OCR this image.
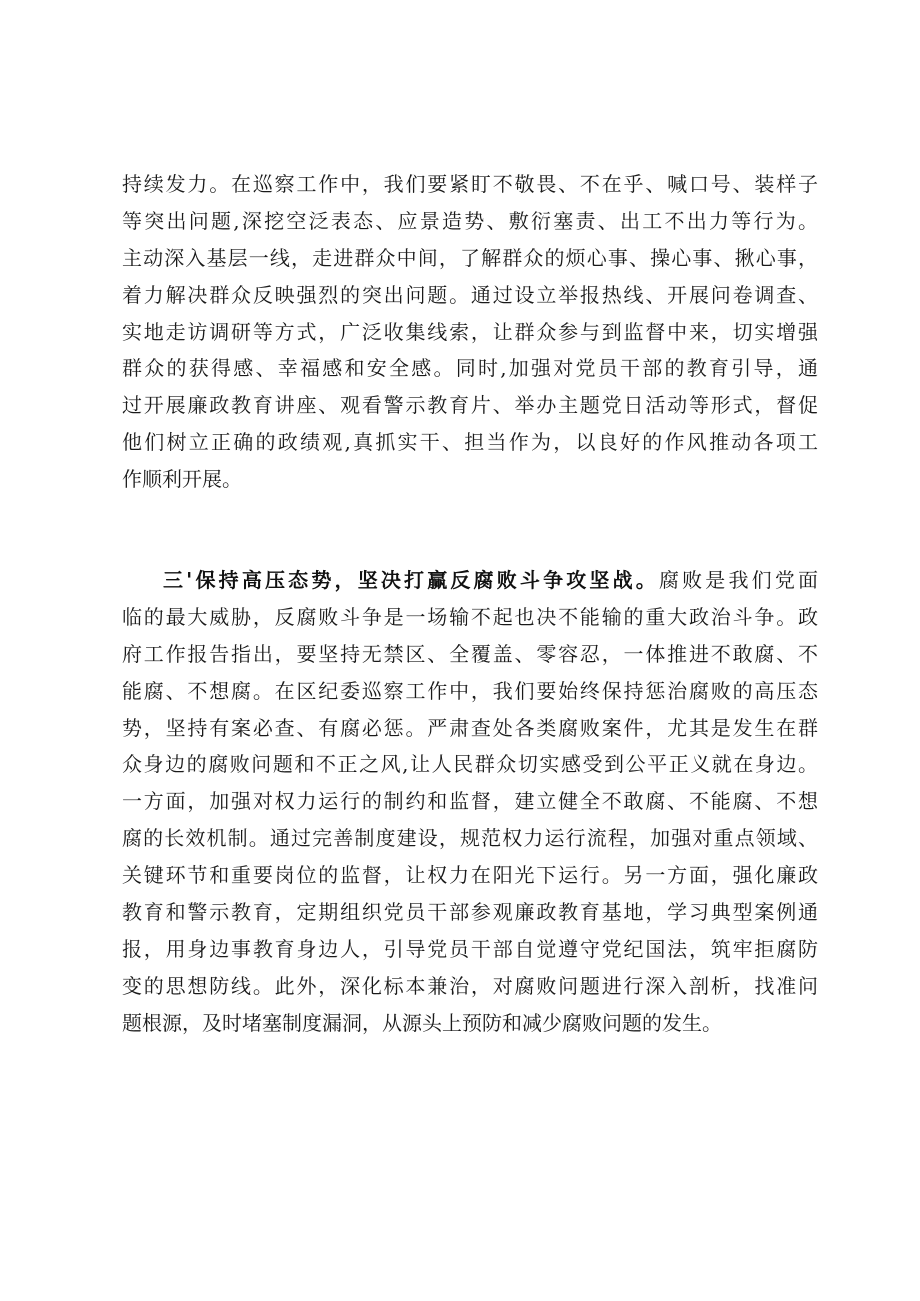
持续发力。在巡察工作中，我们要紧盯不敬畏、不在乎、喊口号、装样子
等突出问题,深挖空泛表态、应景造势、敷衍塞责、出工不出力等行为。
主动深入基层一线，走进群众中间，了解群众的烦心事、操心事、揪心事，
着力解决群众反映强烈的突出问题。通过设立举报热线、开展问卷调查、
实地走访调研等方式，广泛收集线索，让群众参与到监督中来，切实增强
群众的获得感、幸福感和安全感。同时,加强对党员干部的教育引导，通
过开展廉政教育讲座、观看警示教育片、举办主题党日活动等形式，督促
他们树立正确的政绩观,真抓实干、担当作为，以良好的作风推动各项工
作顺利开展。
三'保持高压态势，坚决打赢反腐败斗争攻坚战。腐败是我们党面
临的最大威胁，反腐败斗争是一场输不起也决不能输的重大政治斗争。政
府工作报告指出，要坚持无禁区、全覆盖、零容忍，一体推进不敢腐、不
能腐、不想腐。在区纪委巡察工作中，我们要始终保持惩治腐败的高压态
势，坚持有案必查、有腐必惩。严肃查处各类腐败案件，尤其是发生在群
众身边的腐败问题和不正之风,让人民群众切实感受到公平正义就在身边。
一方面，加强对权力运行的制约和监督，建立健全不敢腐、不能腐、不想
腐的长效机制。通过完善制度建设，规范权力运行流程，加强对重点领域、
关键环节和重要岗位的监督，让权力在阳光下运行。另一方面，强化廉政
教育和警示教育，定期组织党员干部参观廉政教育基地，学习典型案例通
报，用身边事教育身边人，引导党员干部自觉遵守党纪国法，筑牢拒腐防
变的思想防线。此外，深化标本兼治，对腐败问题进行深入剖析，找准问
题根源，及时堵塞制度漏洞，从源头上预防和减少腐败问题的发生。
